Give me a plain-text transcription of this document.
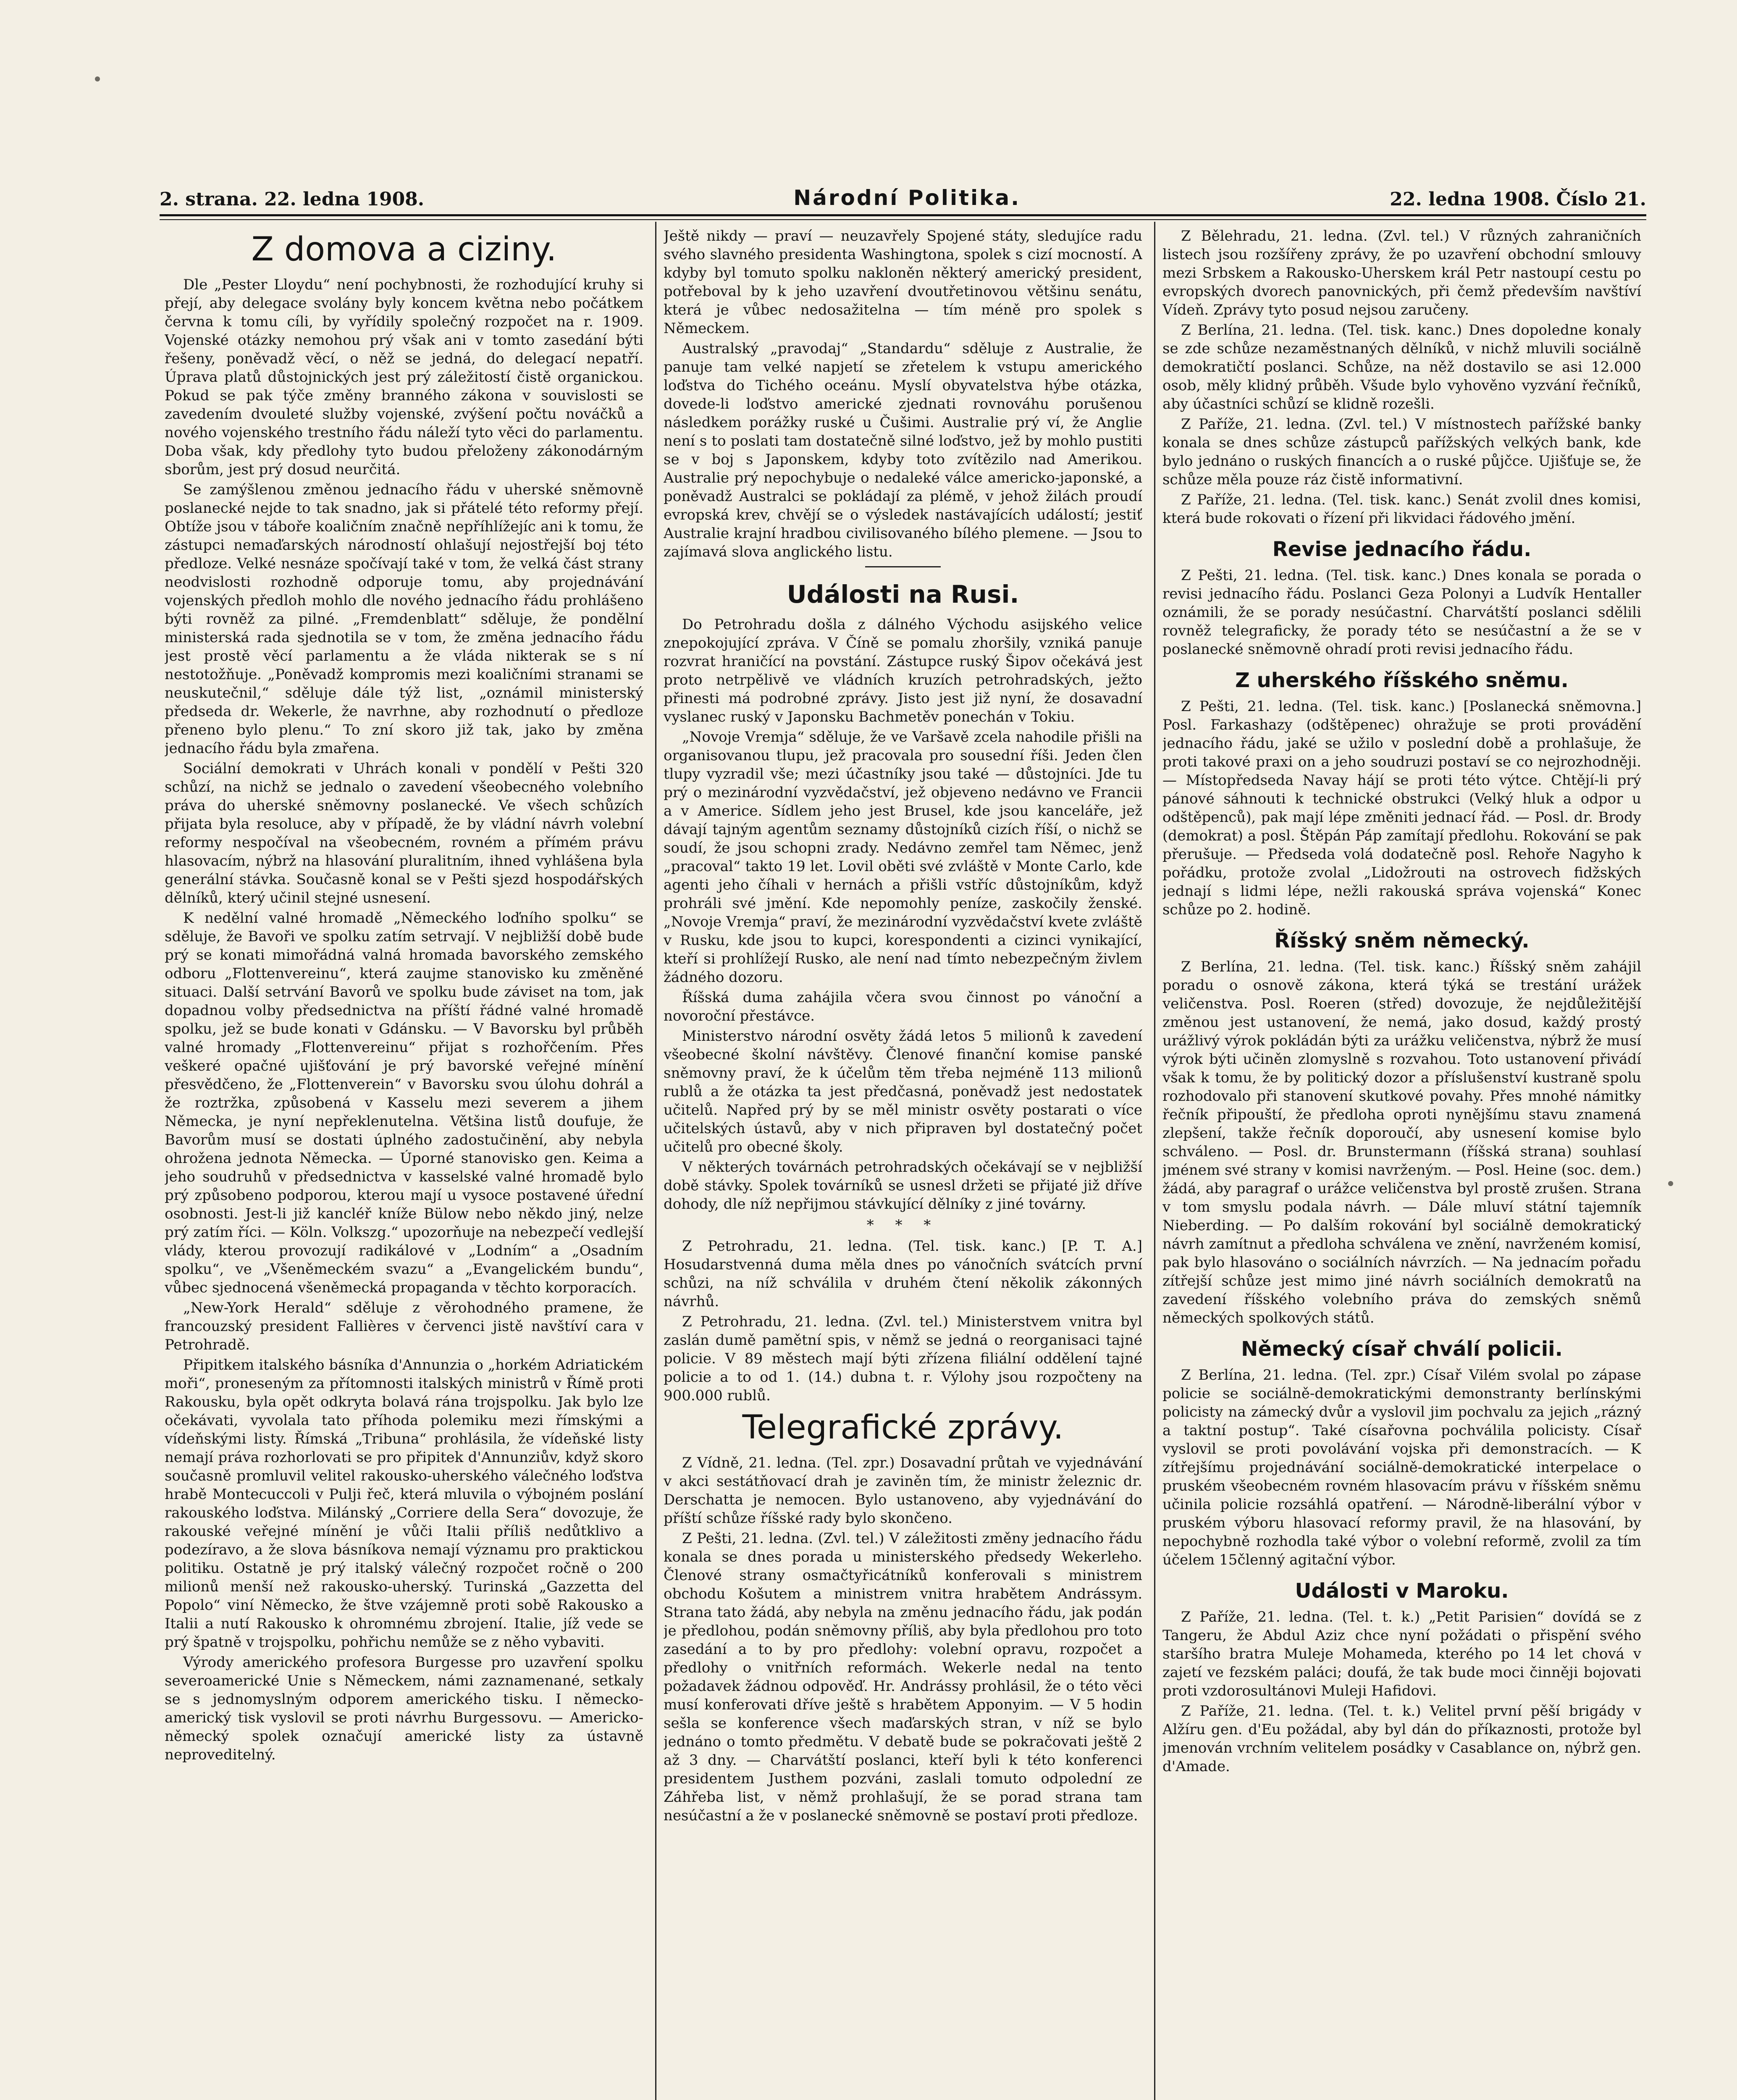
2. strana. 22. ledna 1908.	Národní Politika.	22. ledna 1908. Číslo 21.
Z domova a ciziny.

Dle „Pester Lloydu“ není pochybnosti, že rozhodující kruhy si přejí, aby delegace svolány byly koncem května nebo počátkem června k tomu cíli, by vyřídily společný rozpočet na r. 1909. Vojenské otázky nemohou prý však ani v tomto zasedání býti řešeny, poněvadž věcí, o něž se jedná, do delegací nepatří. Úprava platů důstojnických jest prý záležitostí čistě organickou. Pokud se pak týče změny branného zákona v souvislosti se zavedením dvouleté služby vojenské, zvýšení počtu nováčků a nového vojenského trestního řádu náleží tyto věci do parlamentu. Doba však, kdy předlohy tyto budou přeloženy zákonodárným sborům, jest prý dosud neurčitá.

Se zamýšlenou změnou jednacího řádu v uherské sněmovně poslanecké nejde to tak snadno, jak si přátelé této reformy přejí. Obtíže jsou v táboře koaličním značně nepříhlížejíc ani k tomu, že zástupci nemaďarských národností ohlašují nejostřejší boj této předloze. Velké nesnáze spočívají také v tom, že velká část strany neodvislosti rozhodně odporuje tomu, aby projednávání vojenských předloh mohlo dle nového jednacího řádu prohlášeno býti rovněž za pilné. „Fremdenblatt“ sděluje, že pondělní ministerská rada sjednotila se v tom, že změna jednacího řádu jest prostě věcí parlamentu a že vláda nikterak se s ní nestotožňuje. „Poněvadž kompromis mezi koaličními stranami se neuskutečnil,“ sděluje dále týž list, „oznámil ministerský předseda dr. Wekerle, že navrhne, aby rozhodnutí o předloze přeneno bylo plenu.“ To zní skoro již tak, jako by změna jednacího řádu byla zmařena.

Sociální demokrati v Uhrách konali v pondělí v Pešti 320 schůzí, na nichž se jednalo o zavedení všeobecného volebního práva do uherské sněmovny poslanecké. Ve všech schůzích přijata byla resoluce, aby v případě, že by vládní návrh volební reformy nespočíval na všeobecném, rovném a přímém právu hlasovacím, nýbrž na hlasování pluralitním, ihned vyhlášena byla generální stávka. Současně konal se v Pešti sjezd hospodářských dělníků, který učinil stejné usnesení.

K nedělní valné hromadě „Německého loďního spolku“ se sděluje, že Bavoři ve spolku zatím setrvají. V nejbližší době bude prý se konati mimořádná valná hromada bavorského zemského odboru „Flottenvereinu“, která zaujme stanovisko ku změněné situaci. Další setrvání Bavorů ve spolku bude záviset na tom, jak dopadnou volby předsednictva na příští řádné valné hromadě spolku, jež se bude konati v Gdánsku. — V Bavorsku byl průběh valné hromady „Flottenvereinu“ přijat s rozhořčením. Přes veškeré opačné ujišťování je prý bavorské veřejné mínění přesvědčeno, že „Flottenverein“ v Bavorsku svou úlohu dohrál a že roztržka, způsobená v Kasselu mezi severem a jihem Německa, je nyní nepřeklenutelna. Většina listů doufuje, že Bavorům musí se dostati úplného zadostučinění, aby nebyla ohrožena jednota Německa. — Úporné stanovisko gen. Keima a jeho soudruhů v předsednictva v kasselské valné hromadě bylo prý způsobeno podporou, kterou mají u vysoce postavené úřední osobnosti. Jest-li již kancléř kníže Bülow nebo někdo jiný, nelze prý zatím říci. — Köln. Volkszg.“ upozorňuje na nebezpečí vedlejší vlády, kterou provozují radikálové v „Lodním“ a „Osadním spolku“, ve „Všeněmeckém svazu“ a „Evangelickém bundu“, vůbec sjednocená všeněmecká propaganda v těchto korporacích.

„New-York Herald“ sděluje z věrohodného pramene, že francouzský president Fallières v červenci jistě navštíví cara v Petrohradě.

Připitkem italského básníka d'Annunzia o „horkém Adriatickém moři“, proneseným za přítomnosti italských ministrů v Římě proti Rakousku, byla opět odkryta bolavá rána trojspolku. Jak bylo lze očekávati, vyvolala tato příhoda polemiku mezi římskými a vídeňskými listy. Římská „Tribuna“ prohlásila, že vídeňské listy nemají práva rozhorlovati se pro připitek d'Annunziův, když skoro současně promluvil velitel rakousko-uherského válečného loďstva hrabě Montecuccoli v Pulji řeč, která mluvila o výbojném poslání rakouského loďstva. Milánský „Corriere della Sera“ dovozuje, že rakouské veřejné mínění je vůči Italii příliš nedůtklivo a podezíravo, a že slova básníkova nemají významu pro praktickou politiku. Ostatně je prý italský válečný rozpočet ročně o 200 milionů menší než rakousko-uherský. Turinská „Gazzetta del Popolo“ viní Německo, že štve vzájemně proti sobě Rakousko a Italii a nutí Rakousko k ohromnému zbrojení. Italie, jíž vede se prý špatně v trojspolku, pohřichu nemůže se z něho vybaviti.

Výrody amerického profesora Burgesse pro uzavření spolku severoamerické Unie s Německem, námi zaznamenané, setkaly se s jednomyslným odporem amerického tisku. I německo-americký tisk vyslovil se proti návrhu Burgessovu. — Americko-německý spolek označují americké listy za ústavně neproveditelný.

Ještě nikdy — praví — neuzavřely Spojené státy, sledujíce radu svého slavného presidenta Washingtona, spolek s cizí mocností. A kdyby byl tomuto spolku nakloněn některý americký president, potřeboval by k jeho uzavření dvoutřetinovou většinu senátu, která je vůbec nedosažitelna — tím méně pro spolek s Německem.

Australský „pravodaj“ „Standardu“ sděluje z Australie, že panuje tam velké napjetí se zřetelem k vstupu amerického loďstva do Tichého oceánu. Myslí obyvatelstva hýbe otázka, dovede-li loďstvo americké zjednati rovnováhu porušenou následkem porážky ruské u Čušimi. Australie prý ví, že Anglie není s to poslati tam dostatečně silné loďstvo, jež by mohlo pustiti se v boj s Japonskem, kdyby toto zvítězilo nad Amerikou. Australie prý nepochybuje o nedaleké válce americko-japonské, a poněvadž Australci se pokládají za plémě, v jehož žilách proudí evropská krev, chvějí se o výsledek nastávajících událostí; jestiť Australie krajní hradbou civilisovaného bílého plemene. — Jsou to zajímavá slova anglického listu.

Události na Rusi.

Do Petrohradu došla z dálného Východu asijského velice znepokojující zpráva. V Číně se pomalu zhoršily, vzniká panuje rozvrat hraničící na povstání. Zástupce ruský Šipov očekává jest proto netrpělivě ve vládních kruzích petrohradských, ježto přinesti má podrobné zprávy. Jisto jest již nyní, že dosavadní vyslanec ruský v Japonsku Bachmetěv ponechán v Tokiu.

„Novoje Vremja“ sděluje, že ve Varšavě zcela nahodile přišli na organisovanou tlupu, jež pracovala pro sousední říši. Jeden člen tlupy vyzradil vše; mezi účastníky jsou také — důstojníci. Jde tu prý o mezinárodní vyzvědačství, jež objeveno nedávno ve Francii a v Americe. Sídlem jeho jest Brusel, kde jsou kanceláře, jež dávají tajným agentům seznamy důstojníků cizích říší, o nichž se soudí, že jsou schopni zrady. Nedávno zemřel tam Němec, jenž „pracoval“ takto 19 let. Lovil oběti své zvláště v Monte Carlo, kde agenti jeho číhali v hernách a přišli vstříc důstojníkům, když prohráli své jmění. Kde nepomohly peníze, zaskočily ženské. „Novoje Vremja“ praví, že mezinárodní vyzvědačství kvete zvláště v Rusku, kde jsou to kupci, korespondenti a cizinci vynikající, kteří si prohlížejí Rusko, ale není nad tímto nebezpečným živlem žádného dozoru.

Říšská duma zahájila včera svou činnost po vánoční a novoroční přestávce.

Ministerstvo národní osvěty žádá letos 5 milionů k zavedení všeobecné školní návštěvy. Členové finanční komise panské sněmovny praví, že k účelům těm třeba nejméně 113 milionů rublů a že otázka ta jest předčasná, poněvadž jest nedostatek učitelů. Napřed prý by se měl ministr osvěty postarati o více učitelských ústavů, aby v nich připraven byl dostatečný počet učitelů pro obecné školy.

V některých továrnách petrohradských očekávají se v nejbližší době stávky. Spolek továrníků se usnesl držeti se přijaté již dříve dohody, dle níž nepřijmou stávkující dělníky z jiné továrny.

* * *

Z Petrohradu, 21. ledna. (Tel. tisk. kanc.) [P. T. A.] Hosudarstvenná duma měla dnes po vánočních svátcích první schůzi, na níž schválila v druhém čtení několik zákonných návrhů.

Z Petrohradu, 21. ledna. (Zvl. tel.) Ministerstvem vnitra byl zaslán dumě pamětní spis, v němž se jedná o reorganisaci tajné policie. V 89 městech mají býti zřízena filiální oddělení tajné policie a to od 1. (14.) dubna t. r. Výlohy jsou rozpočteny na 900.000 rublů.

Telegrafické zprávy.

Z Vídně, 21. ledna. (Tel. zpr.) Dosavadní průtah ve vyjednávání v akci sestátňovací drah je zaviněn tím, že ministr železnic dr. Derschatta je nemocen. Bylo ustanoveno, aby vyjednávání do příští schůze říšské rady bylo skončeno.

Z Pešti, 21. ledna. (Zvl. tel.) V záležitosti změny jednacího řádu konala se dnes porada u ministerského předsedy Wekerleho. Členové strany osmačtyřicátníků konferovali s ministrem obchodu Košutem a ministrem vnitra hrabětem Andrássym. Strana tato žádá, aby nebyla na změnu jednacího řádu, jak podán je předlohou, podán sněmovny příliš, aby byla předlohou pro toto zasedání a to by pro předlohy: volební opravu, rozpočet a předlohy o vnitřních reformách. Wekerle nedal na tento požadavek žádnou odpověď. Hr. Andrássy prohlásil, že o této věci musí konferovati dříve ještě s hrabětem Apponyim. — V 5 hodin sešla se konference všech maďarských stran, v níž se bylo jednáno o tomto předmětu. V debatě bude se pokračovati ještě 2 až 3 dny. — Charvátští poslanci, kteří byli k této konferenci presidentem Justhem pozváni, zaslali tomuto odpolední ze Záhřeba list, v němž prohlašují, že se porad strana tam nesúčastní a že v poslanecké sněmovně se postaví proti předloze.

Z Bělehradu, 21. ledna. (Zvl. tel.) V různých zahraničních listech jsou rozšířeny zprávy, že po uzavření obchodní smlouvy mezi Srbskem a Rakousko-Uherskem král Petr nastoupí cestu po evropských dvorech panovnických, při čemž především navštíví Vídeň. Zprávy tyto posud nejsou zaručeny.

Z Berlína, 21. ledna. (Tel. tisk. kanc.) Dnes dopoledne konaly se zde schůze nezaměstnaných dělníků, v nichž mluvili sociálně demokratičtí poslanci. Schůze, na něž dostavilo se asi 12.000 osob, měly klidný průběh. Všude bylo vyhověno vyzvání řečníků, aby účastníci schůzí se klidně rozešli.

Z Paříže, 21. ledna. (Zvl. tel.) V místnostech pařížské banky konala se dnes schůze zástupců pařížských velkých bank, kde bylo jednáno o ruských financích a o ruské půjčce. Ujišťuje se, že schůze měla pouze ráz čistě informativní.

Z Paříže, 21. ledna. (Tel. tisk. kanc.) Senát zvolil dnes komisi, která bude rokovati o řízení při likvidaci řádového jmění.

Revise jednacího řádu.

Z Pešti, 21. ledna. (Tel. tisk. kanc.) Dnes konala se porada o revisi jednacího řádu. Poslanci Geza Polonyi a Ludvík Hentaller oznámili, že se porady nesúčastní. Charvátští poslanci sdělili rovněž telegraficky, že porady této se nesúčastní a že se v poslanecké sněmovně ohradí proti revisi jednacího řádu.

Z uherského říšského sněmu.

Z Pešti, 21. ledna. (Tel. tisk. kanc.) [Poslanecká sněmovna.] Posl. Farkashazy (odštěpenec) ohražuje se proti provádění jednacího řádu, jaké se užilo v poslední době a prohlašuje, že proti takové praxi on a jeho soudruzi postaví se co nejrozhodněji. — Místopředseda Navay hájí se proti této výtce. Chtějí-li prý pánové sáhnouti k technické obstrukci (Velký hluk a odpor u odštěpenců), pak mají lépe změniti jednací řád. — Posl. dr. Brody (demokrat) a posl. Štěpán Páp zamítají předlohu. Rokování se pak přerušuje. — Předseda volá dodatečně posl. Rehoře Nagyho k pořádku, protože zvolal „Lidožrouti na ostrovech fidžských jednají s lidmi lépe, nežli rakouská správa vojenská“ Konec schůze po 2. hodině.

Říšský sněm německý.

Z Berlína, 21. ledna. (Tel. tisk. kanc.) Říšský sněm zahájil poradu o osnově zákona, která týká se trestání urážek veličenstva. Posl. Roeren (střed) dovozuje, že nejdůležitější změnou jest ustanovení, že nemá, jako dosud, každý prostý urážlivý výrok pokládán býti za urážku veličenstva, nýbrž že musí výrok býti učiněn zlomyslně s rozvahou. Toto ustanovení přivádí však k tomu, že by politický dozor a příslušenství kustraně spolu rozhodovalo při stanovení skutkové povahy. Přes mnohé námitky řečník připouští, že předloha oproti nynějšímu stavu znamená zlepšení, takže řečník doporoučí, aby usnesení komise bylo schváleno. — Posl. dr. Brunstermann (říšská strana) souhlasí jménem své strany v komisi navrženým. — Posl. Heine (soc. dem.) žádá, aby paragraf o urážce veličenstva byl prostě zrušen. Strana v tom smyslu podala návrh. — Dále mluví státní tajemník Nieberding. — Po dalším rokování byl sociálně demokratický návrh zamítnut a předloha schválena ve znění, navrženém komisí, pak bylo hlasováno o sociálních návrzích. — Na jednacím pořadu zítřejší schůze jest mimo jiné návrh sociálních demokratů na zavedení říšského volebního práva do zemských sněmů německých spolkových států.

Německý císař chválí policii.

Z Berlína, 21. ledna. (Tel. zpr.) Císař Vilém svolal po zápase policie se sociálně-demokratickými demonstranty berlínskými policisty na zámecký dvůr a vyslovil jim pochvalu za jejich „rázný a taktní postup“. Také císařovna pochválila policisty. Císař vyslovil se proti povolávání vojska při demonstracích. — K zítřejšímu projednávání sociálně-demokratické interpelace o pruském všeobecném rovném hlasovacím právu v říšském sněmu učinila policie rozsáhlá opatření. — Národně-liberální výbor v pruském výboru hlasovací reformy pravil, že na hlasování, by nepochybně rozhodla také výbor o volební reformě, zvolil za tím účelem 15členný agitační výbor.

Události v Maroku.

Z Paříže, 21. ledna. (Tel. t. k.) „Petit Parisien“ dovídá se z Tangeru, že Abdul Aziz chce nyní požádati o přispění svého staršího bratra Muleje Mohameda, kterého po 14 let chová v zajetí ve fezském paláci; doufá, že tak bude moci činněji bojovati proti vzdorosultánovi Muleji Hafidovi.

Z Paříže, 21. ledna. (Tel. t. k.) Velitel první pěší brigády v Alžíru gen. d'Eu požádal, aby byl dán do příkaznosti, protože byl jmenován vrchním velitelem posádky v Casablance on, nýbrž gen. d'Amade.
